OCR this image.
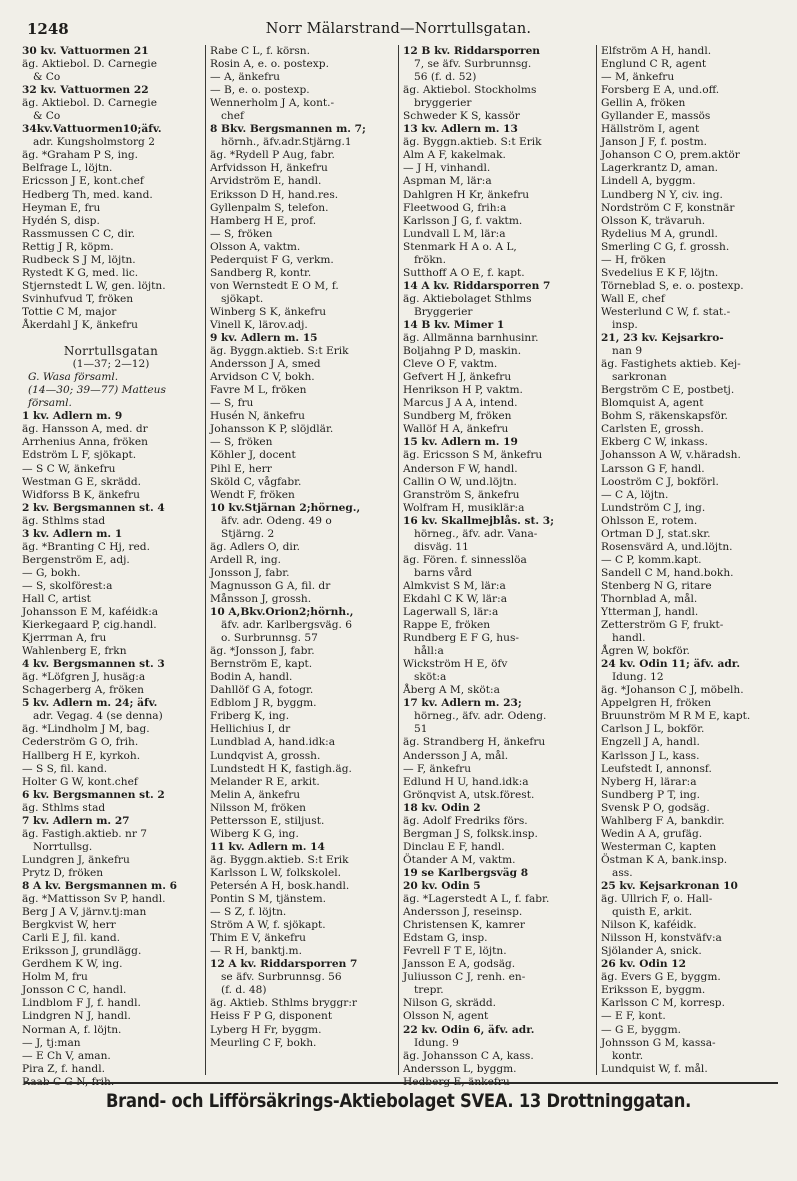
1248	Norr Mälarstrand—Norrtullsgatan.
30 kv. Vattuormen 21
äg. Aktiebol. D. Carnegie
& Co
32 kv. Vattuormen 22
äg. Aktiebol. D. Carnegie
& Co
34kv.Vattuormen10;äfv.
adr. Kungsholmstorg 2
äg. *Graham P S, ing.
Belfrage L, löjtn.
Ericsson J E, kont.chef
Hedberg Th, med. kand.
Heyman E, fru
Hydén S, disp.
Rassmussen C C, dir.
Rettig J R, köpm.
Rudbeck S J M, löjtn.
Rystedt K G, med. lic.
Stjernstedt L W, gen. löjtn.
Svinhufvud T, fröken
Tottie C M, major
Åkerdahl J K, änkefru

Norrtullsgatan
(1—37; 2—12)
G. Wasa församl.
(14—30; 39—77) Matteus
församl.
1 kv. Adlern m. 9
äg. Hansson A, med. dr
Arrhenius Anna, fröken
Edström L F, sjökapt.
— S C W, änkefru
Westman G E, skrädd.
Widforss B K, änkefru
2 kv. Bergsmannen st. 4
äg. Sthlms stad
3 kv. Adlern m. 1
äg. *Branting C Hj, red.
Bergenström E, adj.
— G, bokh.
— S, skolförest:a
Hall C, artist
Johansson E M, kaféidk:a
Kierkegaard P, cig.handl.
Kjerrman A, fru
Wahlenberg E, frkn
4 kv. Bergsmannen st. 3
äg. *Löfgren J, husäg:a
Schagerberg A, fröken
5 kv. Adlern m. 24; äfv.
adr. Vegag. 4 (se denna)
äg. *Lindholm J M, bag.
Cederström G O, frih.
Hallberg H E, kyrkoh.
— S S, fil. kand.
Holter G W, kont.chef
6 kv. Bergsmannen st. 2
äg. Sthlms stad
7 kv. Adlern m. 27
äg. Fastigh.aktieb. nr 7
Norrtullsg.
Lundgren J, änkefru
Prytz D, fröken
8 A kv. Bergsmannen m. 6
äg. *Mattisson Sv P, handl.
Berg J A V, järnv.tj:man
Bergkvist W, herr
Carli E J, fil. kand.
Eriksson J, grundlägg.
Gerdhem K W, ing.
Holm M, fru
Jonsson C C, handl.
Lindblom F J, f. handl.
Lindgren N J, handl.
Norman A, f. löjtn.
— J, tj:man
— E Ch V, aman.
Pira Z, f. handl.
Raab C G N, frih.
Rabe C L, f. körsn.
Rosin A, e. o. postexp.
— A, änkefru
— B, e. o. postexp.
Wennerholm J A, kont.-
chef
8 Bkv. Bergsmannen m. 7;
hörnh., äfv.adr.Stjärng.1
äg. *Rydell P Aug, fabr.
Arfvidsson H, änkefru
Arvidström E, handl.
Eriksson D H, hand.res.
Gyllenpalm S, telefon.
Hamberg H E, prof.
— S, fröken
Olsson A, vaktm.
Pederquist F G, verkm.
Sandberg R, kontr.
von Wernstedt E O M, f.
sjökapt.
Winberg S K, änkefru
Vinell K, lärov.adj.
9 kv. Adlern m. 15
äg. Byggn.aktieb. S:t Erik
Andersson J A, smed
Arvidson C V, bokh.
Favre M L, fröken
— S, fru
Husén N, änkefru
Johansson K P, slöjdlär.
— S, fröken
Köhler J, docent
Pihl E, herr
Sköld C, vågfabr.
Wendt F, fröken
10 kv.Stjärnan 2;hörneg.,
äfv. adr. Odeng. 49 o
Stjärng. 2
äg. Adlers O, dir.
Ardell R, ing.
Jonsson J, fabr.
Magnusson G A, fil. dr
Månsson J, grossh.
10 A,Bkv.Orion2;hörnh.,
äfv. adr. Karlbergsväg. 6
o. Surbrunnsg. 57
äg. *Jonsson J, fabr.
Bernström E, kapt.
Bodin A, handl.
Dahllöf G A, fotogr.
Edblom J R, byggm.
Friberg K, ing.
Hellichius I, dr
Lundblad A, hand.idk:a
Lundqvist A, grossh.
Lundstedt H K, fastigh.äg.
Melander R E, arkit.
Melin A, änkefru
Nilsson M, fröken
Pettersson E, stiljust.
Wiberg K G, ing.
11 kv. Adlern m. 14
äg. Byggn.aktieb. S:t Erik
Karlsson L W, folkskolel.
Petersén A H, bosk.handl.
Pontin S M, tjänstem.
— S Z, f. löjtn.
Ström A W, f. sjökapt.
Thim E V, änkefru
— R H, banktj.m.
12 A kv. Riddarsporren 7
se äfv. Surbrunnsg. 56
(f. d. 48)
äg. Aktieb. Sthlms bryggr:r
Heiss F P G, disponent
Lyberg H Fr, byggm.
Meurling C F, bokh.
12 B kv. Riddarsporren
7, se äfv. Surbrunnsg.
56 (f. d. 52)
äg. Aktiebol. Stockholms
bryggerier
Schweder K S, kassör
13 kv. Adlern m. 13
äg. Byggn.aktieb. S:t Erik
Alm A F, kakelmak.
— J H, vinhandl.
Aspman M, lär:a
Dahlgren H Kr, änkefru
Fleetwood G, frih:a
Karlsson J G, f. vaktm.
Lundvall L M, lär:a
Stenmark H A o. A L,
frökn.
Sutthoff A O E, f. kapt.
14 A kv. Riddarsporren 7
äg. Aktiebolaget Sthlms
Bryggerier
14 B kv. Mimer 1
äg. Allmänna barnhusinr.
Boljahng P D, maskin.
Cleve O F, vaktm.
Gefvert H J, änkefru
Henrikson H P, vaktm.
Marcus J A A, intend.
Sundberg M, fröken
Wallöf H A, änkefru
15 kv. Adlern m. 19
äg. Ericsson S M, änkefru
Anderson F W, handl.
Callin O W, und.löjtn.
Granström S, änkefru
Wolfram H, musiklär:a
16 kv. Skallmejblås. st. 3;
hörneg., äfv. adr. Vana-
disväg. 11
äg. Fören. f. sinnesslöa
barns vård
Almkvist S M, lär:a
Ekdahl C K W, lär:a
Lagerwall S, lär:a
Rappe E, fröken
Rundberg E F G, hus-
håll:a
Wickström H E, öfv
sköt:a
Åberg A M, sköt:a
17 kv. Adlern m. 23;
hörneg., äfv. adr. Odeng.
51
äg. Strandberg H, änkefru
Andersson J A, mål.
— F, änkefru
Edlund H U, hand.idk:a
Grönqvist A, utsk.förest.
18 kv. Odin 2
äg. Adolf Fredriks förs.
Bergman J S, folksk.insp.
Dinclau E F, handl.
Ötander A M, vaktm.
19 se Karlbergsväg 8
20 kv. Odin 5
äg. *Lagerstedt A L, f. fabr.
Andersson J, reseinsp.
Christensen K, kamrer
Edstam G, insp.
Fevrell F T E, löjtn.
Jansson E A, godsäg.
Juliusson C J, renh. en-
trepr.
Nilson G, skrädd.
Olsson N, agent
22 kv. Odin 6, äfv. adr.
Idung. 9
äg. Johansson C A, kass.
Andersson L, byggm.
Hedberg E, änkefru
Elfström A H, handl.
Englund C R, agent
— M, änkefru
Forsberg E A, und.off.
Gellin A, fröken
Gyllander E, massös
Hällström I, agent
Janson J F, f. postm.
Johanson C O, prem.aktör
Lagerkrantz D, aman.
Lindell A, byggm.
Lundberg N Y, civ. ing.
Nordström C F, konstnär
Olsson K, trävaruh.
Rydelius M A, grundl.
Smerling C G, f. grossh.
— H, fröken
Svedelius E K F, löjtn.
Törneblad S, e. o. postexp.
Wall E, chef
Westerlund C W, f. stat.-
insp.
21, 23 kv. Kejsarkro-
nan 9
äg. Fastighets aktieb. Kej-
sarkronan
Bergström C E, postbetj.
Blomquist A, agent
Bohm S, räkenskapsför.
Carlsten E, grossh.
Ekberg C W, inkass.
Johansson A W, v.häradsh.
Larsson G F, handl.
Looström C J, bokförl.
— C A, löjtn.
Lundström C J, ing.
Ohlsson E, rotem.
Ortman D J, stat.skr.
Rosensvärd A, und.löjtn.
— C P, komm.kapt.
Sandell C M, hand.bokh.
Stenberg N G, ritare
Thornblad A, mål.
Ytterman J, handl.
Zetterström G F, frukt-
handl.
Ågren W, bokför.
24 kv. Odin 11; äfv. adr.
Idung. 12
äg. *Johanson C J, möbelh.
Appelgren H, fröken
Bruunström M R M E, kapt.
Carlson J L, bokför.
Engzell J A, handl.
Karlsson J L, kass.
Leufstedt I, annonsf.
Nyberg H, lärar:a
Sundberg P T, ing.
Svensk P O, godsäg.
Wahlberg F A, bankdir.
Wedin A A, grufäg.
Westerman C, kapten
Östman K A, bank.insp.
ass.
25 kv. Kejsarkronan 10
äg. Ullrich F, o. Hall-
quisth E, arkit.
Nilson K, kaféidk.
Nilsson H, konstväfv:a
Sjölander A, snick.
26 kv. Odin 12
äg. Evers G E, byggm.
Eriksson E, byggm.
Karlsson C M, korresp.
— E F, kont.
— G E, byggm.
Johnsson G M, kassa-
kontr.
Lundquist W, f. mål.
Brand- och Lifförsäkrings-Aktiebolaget SVEA. 13 Drottninggatan.
